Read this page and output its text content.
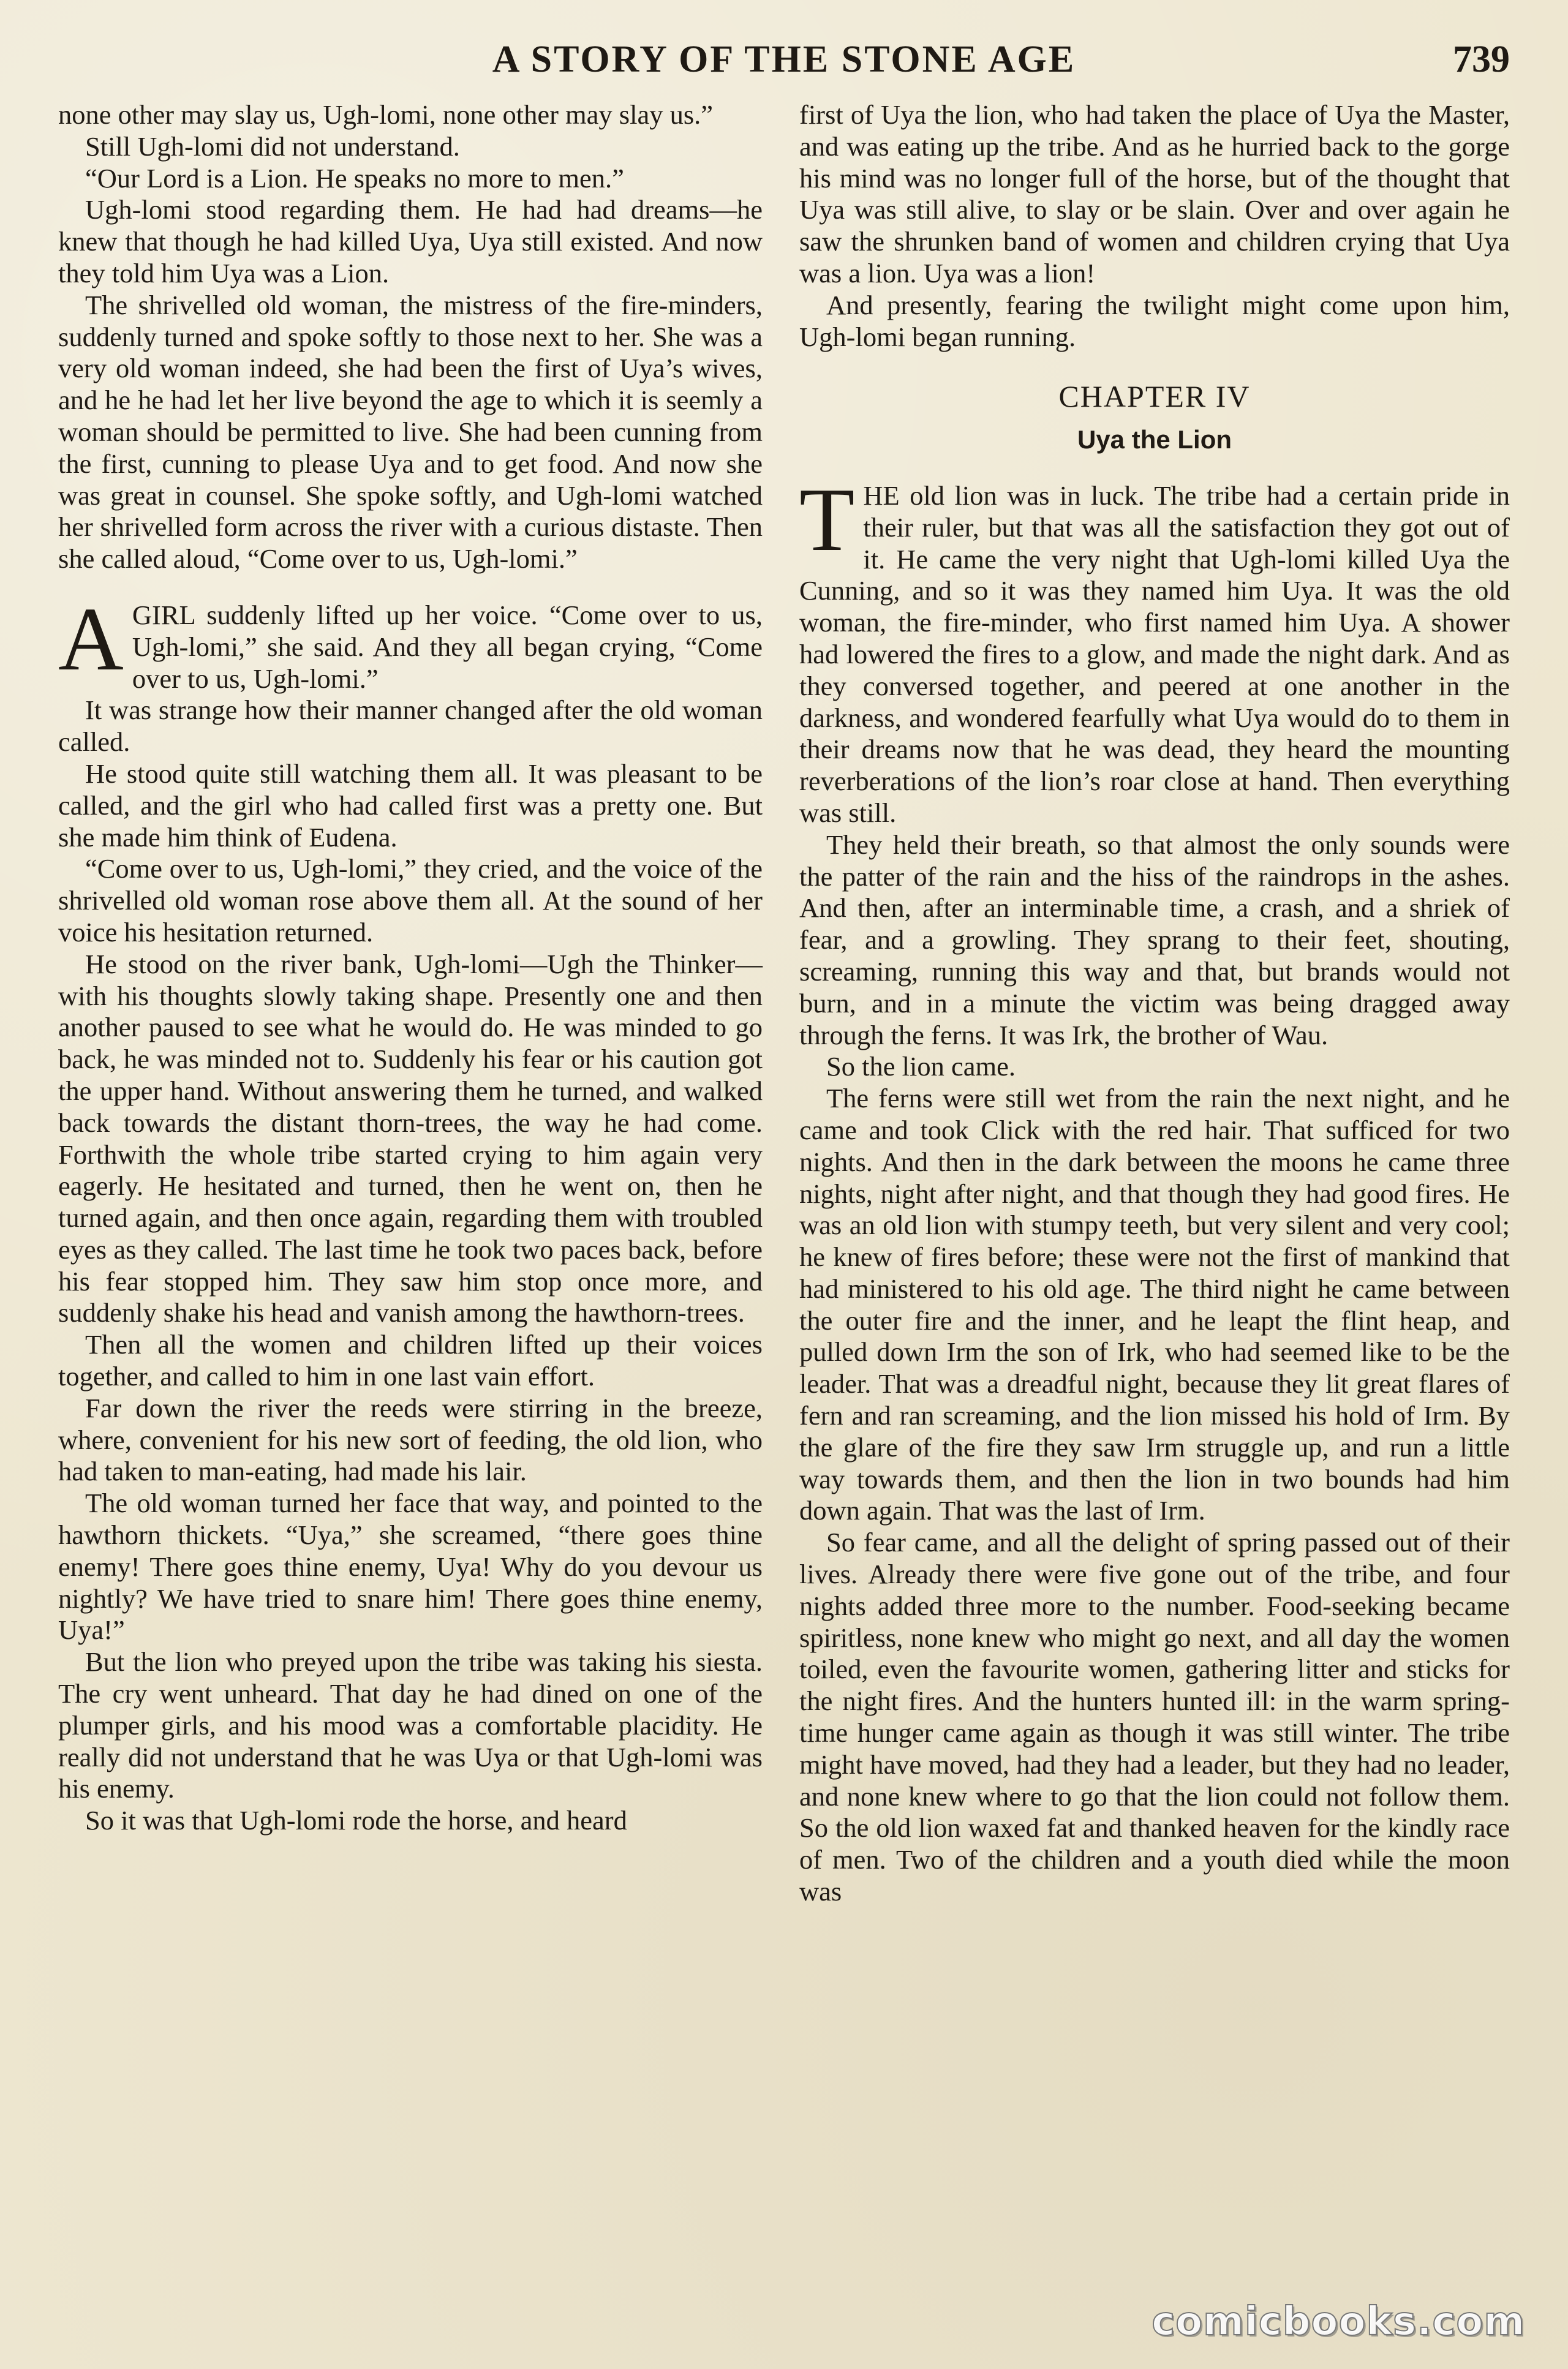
A STORY OF THE STONE AGE	739

none other may slay us, Ugh-lomi, none other may slay us.”

Still Ugh-lomi did not understand.

“Our Lord is a Lion. He speaks no more to men.”

Ugh-lomi stood regarding them. He had had dreams—he knew that though he had killed Uya, Uya still existed. And now they told him Uya was a Lion.

The shrivelled old woman, the mistress of the fire-minders, suddenly turned and spoke softly to those next to her. She was a very old woman indeed, she had been the first of Uya’s wives, and he he had let her live beyond the age to which it is seemly a woman should be permitted to live. She had been cunning from the first, cunning to please Uya and to get food. And now she was great in counsel. She spoke softly, and Ugh-lomi watched her shrivelled form across the river with a curious distaste. Then she called aloud, “Come over to us, Ugh-lomi.”

AGIRL suddenly lifted up her voice. “Come over to us, Ugh-lomi,” she said. And they all began crying, “Come over to us, Ugh-lomi.”

It was strange how their manner changed after the old woman called.

He stood quite still watching them all. It was pleasant to be called, and the girl who had called first was a pretty one. But she made him think of Eudena.

“Come over to us, Ugh-lomi,” they cried, and the voice of the shrivelled old woman rose above them all. At the sound of her voice his hesitation returned.

He stood on the river bank, Ugh-lomi—Ugh the Thinker—with his thoughts slowly taking shape. Presently one and then another paused to see what he would do. He was minded to go back, he was minded not to. Suddenly his fear or his caution got the upper hand. Without answering them he turned, and walked back towards the distant thorn-trees, the way he had come. Forthwith the whole tribe started crying to him again very eagerly. He hesitated and turned, then he went on, then he turned again, and then once again, regarding them with troubled eyes as they called. The last time he took two paces back, before his fear stopped him. They saw him stop once more, and suddenly shake his head and vanish among the hawthorn-trees.

Then all the women and children lifted up their voices together, and called to him in one last vain effort.

Far down the river the reeds were stirring in the breeze, where, convenient for his new sort of feeding, the old lion, who had taken to man-eating, had made his lair.

The old woman turned her face that way, and pointed to the hawthorn thickets. “Uya,” she screamed, “there goes thine enemy! There goes thine enemy, Uya! Why do you devour us nightly? We have tried to snare him! There goes thine enemy, Uya!”

But the lion who preyed upon the tribe was taking his siesta. The cry went unheard. That day he had dined on one of the plumper girls, and his mood was a comfortable placidity. He really did not understand that he was Uya or that Ugh-lomi was his enemy.

So it was that Ugh-lomi rode the horse, and heard

first of Uya the lion, who had taken the place of Uya the Master, and was eating up the tribe. And as he hurried back to the gorge his mind was no longer full of the horse, but of the thought that Uya was still alive, to slay or be slain. Over and over again he saw the shrunken band of women and children crying that Uya was a lion. Uya was a lion!

And presently, fearing the twilight might come upon him, Ugh-lomi began running.

CHAPTER IV
Uya the Lion

THE old lion was in luck. The tribe had a certain pride in their ruler, but that was all the satisfaction they got out of it. He came the very night that Ugh-lomi killed Uya the Cunning, and so it was they named him Uya. It was the old woman, the fire-minder, who first named him Uya. A shower had lowered the fires to a glow, and made the night dark. And as they conversed together, and peered at one another in the darkness, and wondered fearfully what Uya would do to them in their dreams now that he was dead, they heard the mounting reverberations of the lion’s roar close at hand. Then everything was still.

They held their breath, so that almost the only sounds were the patter of the rain and the hiss of the raindrops in the ashes. And then, after an interminable time, a crash, and a shriek of fear, and a growling. They sprang to their feet, shouting, screaming, running this way and that, but brands would not burn, and in a minute the victim was being dragged away through the ferns. It was Irk, the brother of Wau.

So the lion came.

The ferns were still wet from the rain the next night, and he came and took Click with the red hair. That sufficed for two nights. And then in the dark between the moons he came three nights, night after night, and that though they had good fires. He was an old lion with stumpy teeth, but very silent and very cool; he knew of fires before; these were not the first of mankind that had ministered to his old age. The third night he came between the outer fire and the inner, and he leapt the flint heap, and pulled down Irm the son of Irk, who had seemed like to be the leader. That was a dreadful night, because they lit great flares of fern and ran screaming, and the lion missed his hold of Irm. By the glare of the fire they saw Irm struggle up, and run a little way towards them, and then the lion in two bounds had him down again. That was the last of Irm.

So fear came, and all the delight of spring passed out of their lives. Already there were five gone out of the tribe, and four nights added three more to the number. Food-seeking became spiritless, none knew who might go next, and all day the women toiled, even the favourite women, gathering litter and sticks for the night fires. And the hunters hunted ill: in the warm spring-time hunger came again as though it was still winter. The tribe might have moved, had they had a leader, but they had no leader, and none knew where to go that the lion could not follow them. So the old lion waxed fat and thanked heaven for the kindly race of men. Two of the children and a youth died while the moon was

comicbooks.com
